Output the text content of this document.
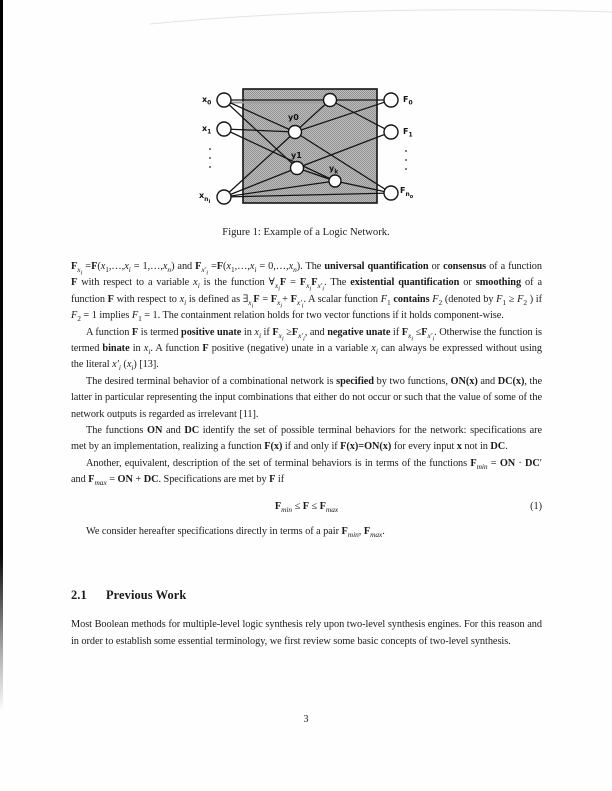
$x_0$
$x_1$
$x_{n_i}$
y0
y1
$y_k$
$F_0$
$F_1$
$F_{n_o}$
Figure 1: Example of a Logic Network.

$F_{x_i}$ $=F(x_1,\dots,x_i$ = $1,\dots,x_n$) and $F_{x'_i}$ $=F(x_1,\dots,x_i$ = $0,\dots,x_n$). The universal quantification or consensus of a function F with respect to a variable $x_i$ is the function $\forall_{x_i}F = F_{x_i}F_{x'_i}$. The existential quantification or smoothing of a function F with respect to $x_i$ is defined as $\exists_{x_i}F = F_{x_i}+ F_{x'_i}$. A scalar function $F_1$ contains $F_2$ (denoted by $F_1 \ge F_2$ ) if $F_2 = 1$ implies $F_1 = 1$. The containment relation holds for two vector functions if it holds component-wise.

A function F is termed positive unate in $x_i$ if $F_{x_i} \ge F_{x'_i}$, and negative unate if $F_{x_i} \le F_{x'_i}$. Otherwise the function is termed binate in $x_i$. A function F positive (negative) unate in a variable $x_i$ can always be expressed without using the literal $x'_i$ $(x_i)$ [13].

The desired terminal behavior of a combinational network is specified by two functions, ON(x) and DC(x), the latter in particular representing the input combinations that either do not occur or such that the value of some of the network outputs is regarded as irrelevant [11].

The functions ON and DC identify the set of possible terminal behaviors for the network: specifications are met by an implementation, realizing a function F(x) if and only if F(x)=ON(x) for every input x not in DC.

Another, equivalent, description of the set of terminal behaviors is in terms of the functions $F_{min}$ = ON · DC′ and $F_{max}$ = ON + DC. Specifications are met by F if

$F_{min} \le F \le F_{max}$	(1)

We consider hereafter specifications directly in terms of a pair $F_{min}$, $F_{max}$.

2.1 Previous Work

Most Boolean methods for multiple-level logic synthesis rely upon two-level synthesis engines. For this reason and in order to establish some essential terminology, we first review some basic concepts of two-level synthesis.

3
